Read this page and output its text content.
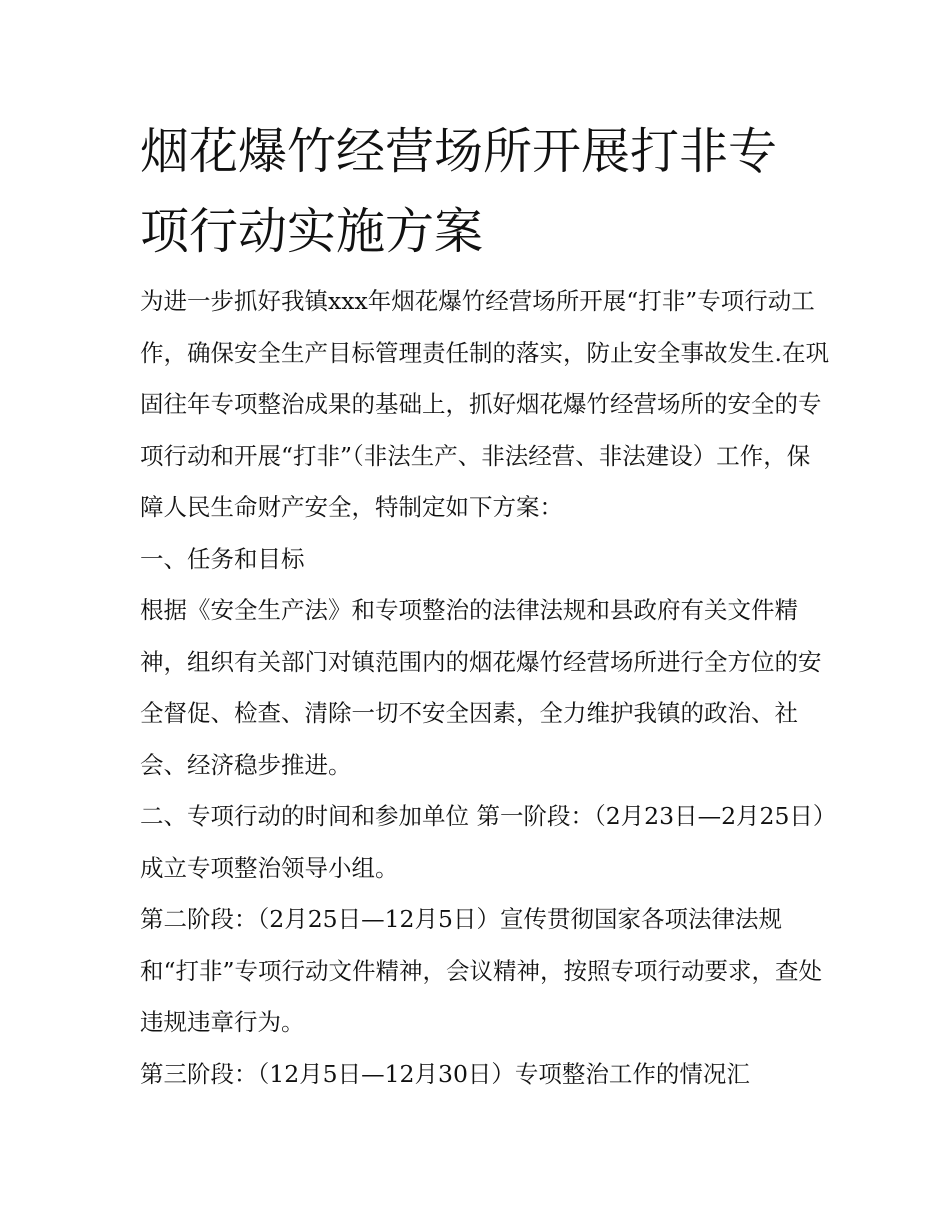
烟花爆竹经营场所开展打非专项行动实施方案

为进一步抓好我镇xxx年烟花爆竹经营场所开展“打非”专项行动工作，确保安全生产目标管理责任制的落实，防止安全事故发生.在巩固往年专项整治成果的基础上，抓好烟花爆竹经营场所的安全的专项行动和开展“打非”（非法生产、非法经营、非法建设）工作，保障人民生命财产安全，特制定如下方案：

一、任务和目标

根据《安全生产法》和专项整治的法律法规和县政府有关文件精神，组织有关部门对镇范围内的烟花爆竹经营场所进行全方位的安全督促、检查、清除一切不安全因素，全力维护我镇的政治、社会、经济稳步推进。

二、专项行动的时间和参加单位 第一阶段：（2月23日—2月25日）成立专项整治领导小组。

第二阶段：（2月25日—12月5日）宣传贯彻国家各项法律法规和“打非”专项行动文件精神，会议精神，按照专项行动要求，查处违规违章行为。

第三阶段：（12月5日—12月30日）专项整治工作的情况汇
